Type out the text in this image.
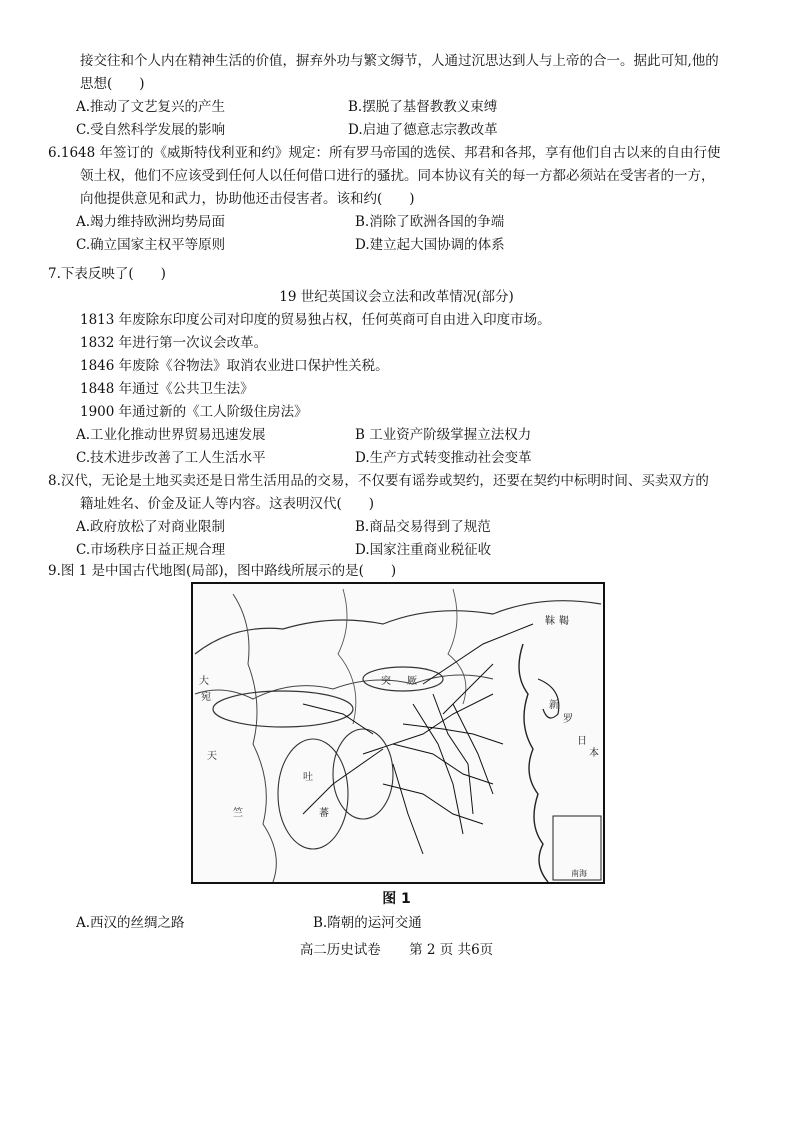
接交往和个人内在精神生活的价值，摒弃外功与繁文缛节，人通过沉思达到人与上帝的合一。据此可知,他的
思想(　　)
A.推动了文艺复兴的产生	B.摆脱了基督教教义束缚
C.受自然科学发展的影响	D.启迪了德意志宗教改革
6.1648 年签订的《威斯特伐利亚和约》规定：所有罗马帝国的选侯、邦君和各邦，享有他们自古以来的自由行使
领土权，他们不应该受到任何人以任何借口进行的骚扰。同本协议有关的每一方都必须站在受害者的一方，
向他提供意见和武力，协助他还击侵害者。该和约(　　)
A.竭力维持欧洲均势局面	B.消除了欧洲各国的争端
C.确立国家主权平等原则	D.建立起大国协调的体系
7.下表反映了(　　)
19 世纪英国议会立法和改革情况(部分)
1813 年废除东印度公司对印度的贸易独占权，任何英商可自由进入印度市场。
1832 年进行第一次议会改革。
1846 年废除《谷物法》取消农业进口保护性关税。
1848 年通过《公共卫生法》
1900 年通过新的《工人阶级住房法》
A.工业化推动世界贸易迅速发展	B 工业资产阶级掌握立法权力
C.技术进步改善了工人生活水平	D.生产方式转变推动社会变革
8.汉代，无论是土地买卖还是日常生活用品的交易，不仅要有谣券或契约，还要在契约中标明时间、买卖双方的
籍址姓名、价金及证人等内容。这表明汉代(　　)
A.政府放松了对商业限制	B.商品交易得到了规范
C.市场秩序日益正规合理	D.国家注重商业税征收
9.图 1 是中国古代地图(局部)，图中路线所展示的是(　　)
大
宛
天
竺
吐
蕃
突 厥
靺 鞨
新
罗
日
本
南海
图 1
A.西汉的丝绸之路	B.隋朝的运河交通
高二历史试卷 第 2 页 共6页
